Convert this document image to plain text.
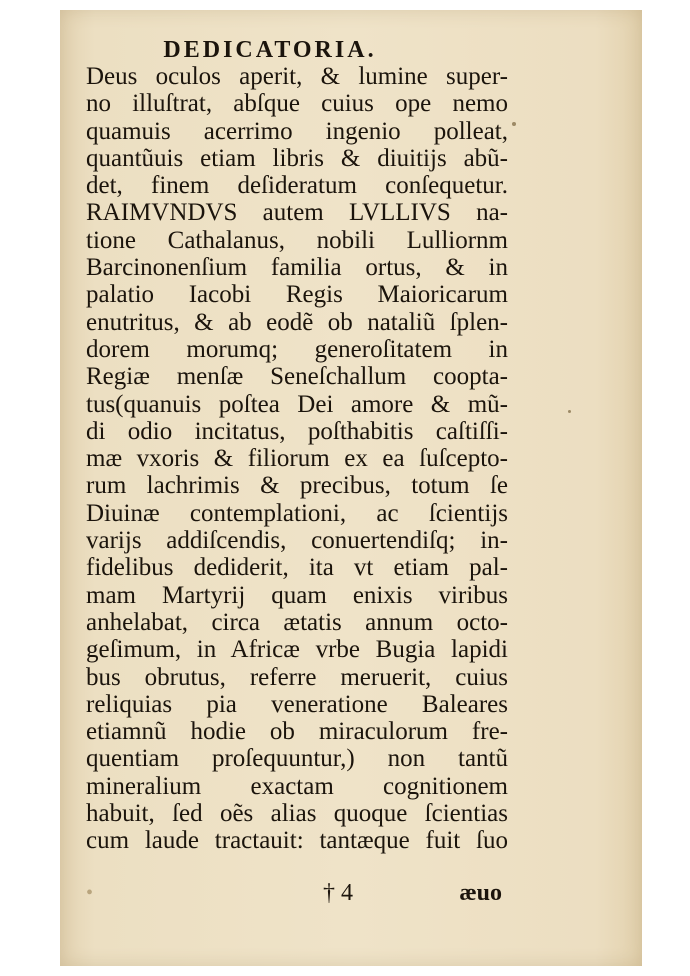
DEDICATORIA.
Deus oculos aperit, & lumine super-
no illuſtrat, abſque cuius ope nemo
quamuis acerrimo ingenio polleat,
quantũuis etiam libris & diuitijs abũ-
det, finem deſideratum conſequetur.
RAIMVNDVS autem LVLLIVS na-
tione Cathalanus, nobili Lulliornm
Barcinonenſium familia ortus, & in
palatio Iacobi Regis Maioricarum
enutritus, & ab eodẽ ob nataliũ ſplen-
dorem morumq; generoſitatem in
Regiæ menſæ Seneſchallum coopta-
tus(quanuis poſtea Dei amore & mũ-
di odio incitatus, poſthabitis caſtiſſi-
mæ vxoris & filiorum ex ea ſuſcepto-
rum lachrimis & precibus, totum ſe
Diuinæ contemplationi, ac ſcientijs
varijs addiſcendis, conuertendiſq; in-
fidelibus dediderit, ita vt etiam pal-
mam Martyrij quam enixis viribus
anhelabat, circa ætatis annum octo-
geſimum, in Africæ vrbe Bugia lapidi
bus obrutus, referre meruerit, cuius
reliquias pia veneratione Baleares
etiamnũ hodie ob miraculorum fre-
quentiam proſequuntur,) non tantũ
mineralium exactam cognitionem
habuit, ſed oẽs alias quoque ſcientias
cum laude tractauit: tantæque fuit ſuo
•	† 4	æuo
